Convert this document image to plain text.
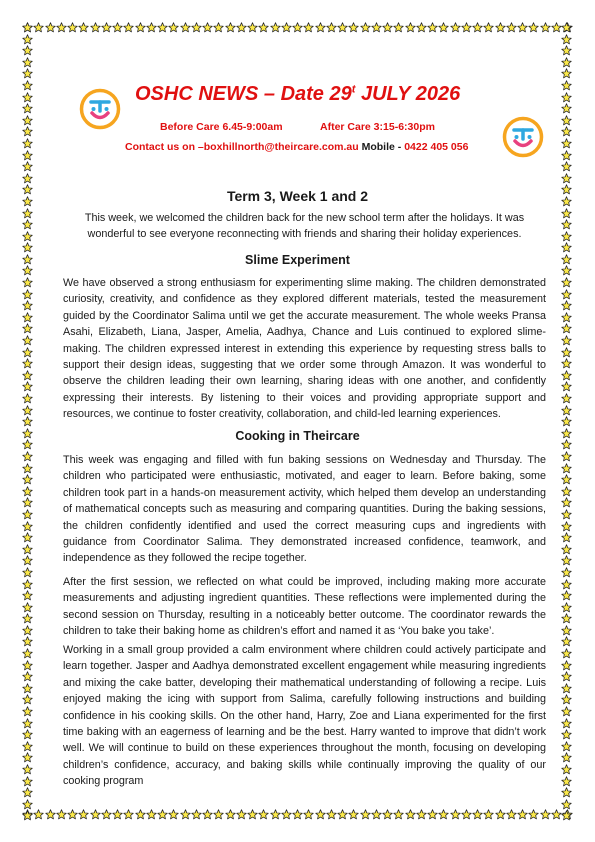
OSHC NEWS – Date 29$^t$ JULY 2026
Before Care 6.45-9:00am	After Care 3:15-6:30pm
Contact us on –boxhillnorth@theircare.com.au Mobile - 0422 405 056
Term 3, Week 1 and 2
This week, we welcomed the children back for the new school term after the holidays. It was wonderful to see everyone reconnecting with friends and sharing their holiday experiences.
Slime Experiment
We have observed a strong enthusiasm for experimenting slime making. The children demonstrated curiosity, creativity, and confidence as they explored different materials, tested the measurement guided by the Coordinator Salima until we get the accurate measurement. The whole weeks Pransa Asahi, Elizabeth, Liana, Jasper, Amelia, Aadhya, Chance and Luis continued to explored slime-making. The children expressed interest in extending this experience by requesting stress balls to support their design ideas, suggesting that we order some through Amazon. It was wonderful to observe the children leading their own learning, sharing ideas with one another, and confidently expressing their interests. By listening to their voices and providing appropriate support and resources, we continue to foster creativity, collaboration, and child-led learning experiences.
Cooking in Theircare
This week was engaging and filled with fun baking sessions on Wednesday and Thursday. The children who participated were enthusiastic, motivated, and eager to learn. Before baking, some children took part in a hands-on measurement activity, which helped them develop an understanding of mathematical concepts such as measuring and comparing quantities. During the baking sessions, the children confidently identified and used the correct measuring cups and ingredients with guidance from Coordinator Salima. They demonstrated increased confidence, teamwork, and independence as they followed the recipe together.
After the first session, we reflected on what could be improved, including making more accurate measurements and adjusting ingredient quantities. These reflections were implemented during the second session on Thursday, resulting in a noticeably better outcome. The coordinator rewards the children to take their baking home as children’s effort and named it as ‘You bake you take’.
Working in a small group provided a calm environment where children could actively participate and learn together. Jasper and Aadhya demonstrated excellent engagement while measuring ingredients and mixing the cake batter, developing their mathematical understanding of following a recipe. Luis enjoyed making the icing with support from Salima, carefully following instructions and building confidence in his cooking skills. On the other hand, Harry, Zoe and Liana experimented for the first time baking with an eagerness of learning and be the best. Harry wanted to improve that didn’t work well. We will continue to build on these experiences throughout the month, focusing on developing children’s confidence, accuracy, and baking skills while continually improving the quality of our cooking program
